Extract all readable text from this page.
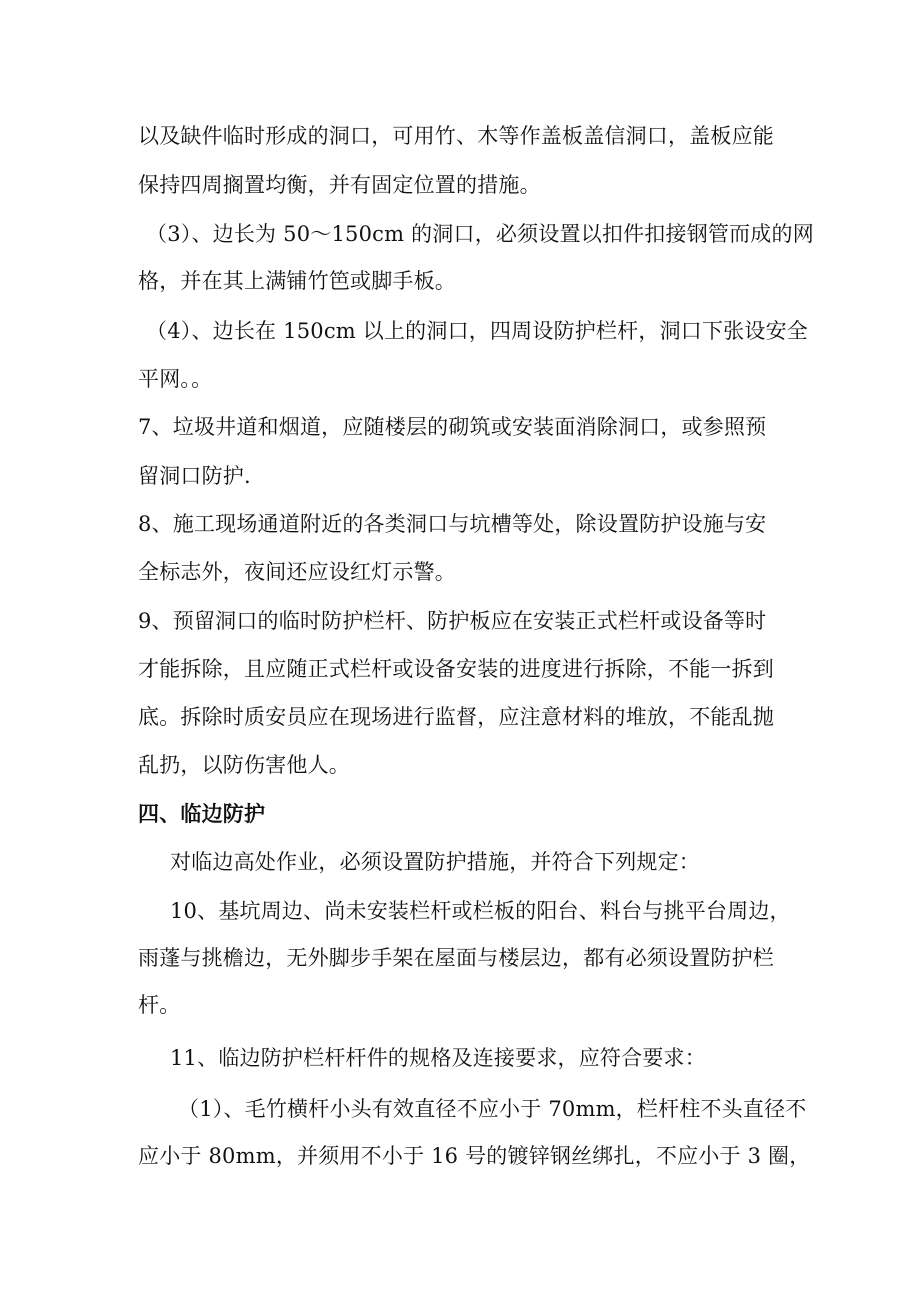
以及缺件临时形成的洞口，可用竹、木等作盖板盖信洞口，盖板应能
保持四周搁置均衡，并有固定位置的措施。
（3）、边长为 50～150cm 的洞口，必须设置以扣件扣接钢管而成的网
格，并在其上满铺竹笆或脚手板。
（4）、边长在 150cm 以上的洞口，四周设防护栏杆，洞口下张设安全
平网。。
7、垃圾井道和烟道，应随楼层的砌筑或安装面消除洞口，或参照预
留洞口防护.
8、施工现场通道附近的各类洞口与坑槽等处，除设置防护设施与安
全标志外，夜间还应设红灯示警。
9、预留洞口的临时防护栏杆、防护板应在安装正式栏杆或设备等时
才能拆除，且应随正式栏杆或设备安装的进度进行拆除，不能一拆到
底。拆除时质安员应在现场进行监督，应注意材料的堆放，不能乱抛
乱扔，以防伤害他人。
四、临边防护
对临边高处作业，必须设置防护措施，并符合下列规定：
10、基坑周边、尚未安装栏杆或栏板的阳台、料台与挑平台周边，
雨蓬与挑檐边，无外脚步手架在屋面与楼层边，都有必须设置防护栏
杆。
11、临边防护栏杆杆件的规格及连接要求，应符合要求：
（1）、毛竹横杆小头有效直径不应小于 70mm，栏杆柱不头直径不
应小于 80mm，并须用不小于 16 号的镀锌钢丝绑扎，不应小于 3 圈，
